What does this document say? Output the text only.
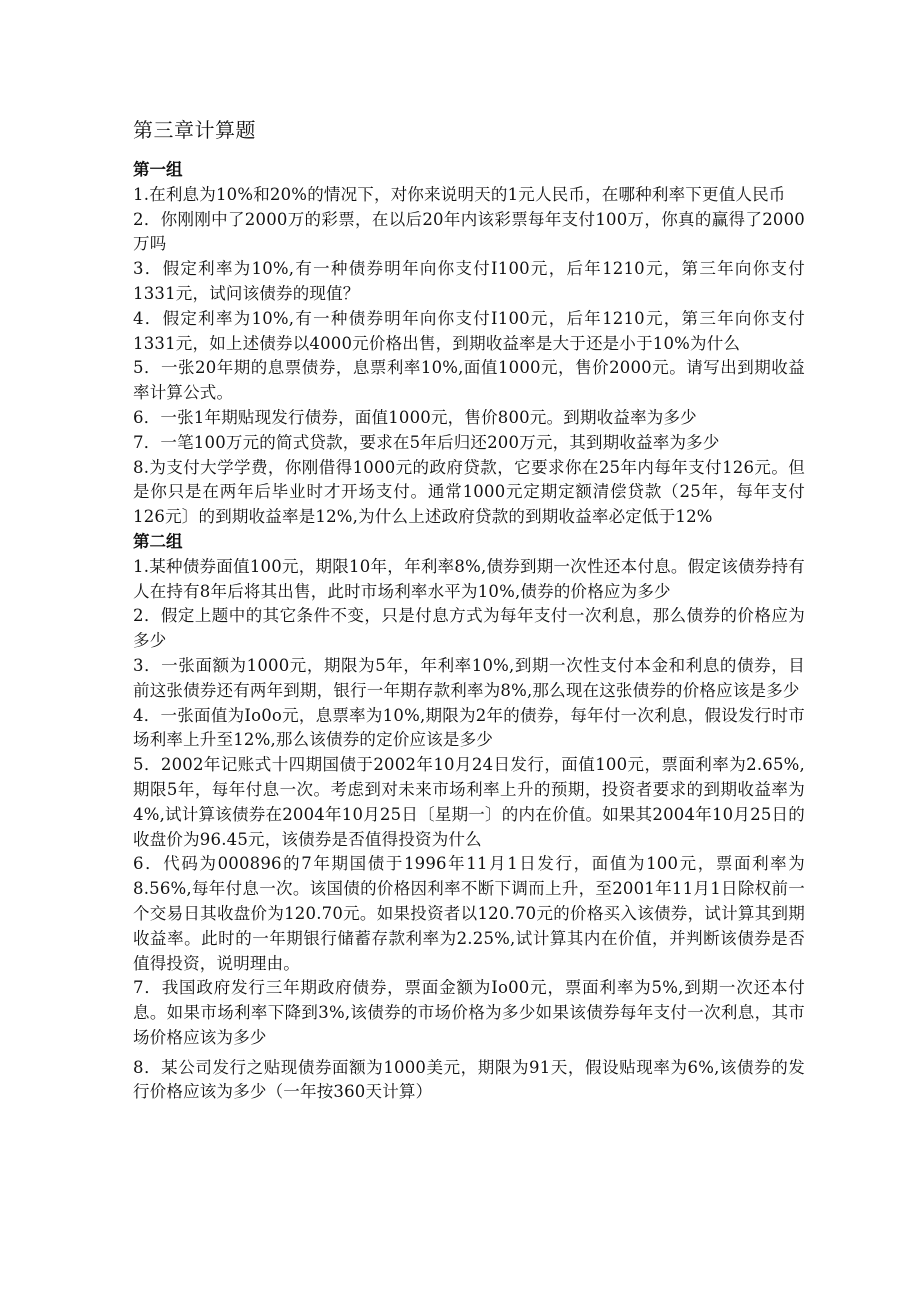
第三章计算题
第一组
1.在利息为10%和20%的情况下，对你来说明天的1元人民币，在哪种利率下更值人民币
2．你刚刚中了2000万的彩票，在以后20年内该彩票每年支付100万，你真的赢得了2000万吗
3．假定利率为10%,有一种债券明年向你支付I100元，后年1210元，第三年向你支付1331元，试问该债券的现值？
4．假定利率为10%,有一种债券明年向你支付I100元，后年1210元，第三年向你支付1331元，如上述债券以4000元价格出售，到期收益率是大于还是小于10%为什么
5．一张20年期的息票债券，息票利率10%,面值1000元，售价2000元。请写出到期收益率计算公式。
6．一张1年期贴现发行债券，面值1000元，售价800元。到期收益率为多少
7．一笔100万元的简式贷款，要求在5年后归还200万元，其到期收益率为多少
8.为支付大学学费，你刚借得1000元的政府贷款，它要求你在25年内每年支付126元。但是你只是在两年后毕业时才开场支付。通常1000元定期定额清偿贷款（25年，每年支付126元〕的到期收益率是12%,为什么上述政府贷款的到期收益率必定低于12%
第二组
1.某种债券面值100元，期限10年，年利率8%,债券到期一次性还本付息。假定该债券持有人在持有8年后将其出售，此时市场利率水平为10%,债券的价格应为多少
2．假定上题中的其它条件不变，只是付息方式为每年支付一次利息，那么债券的价格应为多少
3．一张面额为1000元，期限为5年，年利率10%,到期一次性支付本金和利息的债券，目前这张债券还有两年到期，银行一年期存款利率为8%,那么现在这张债券的价格应该是多少
4．一张面值为Io0o元，息票率为10%,期限为2年的债券，每年付一次利息，假设发行时市场利率上升至12%,那么该债券的定价应该是多少
5．2002年记账式十四期国债于2002年10月24日发行，面值100元，票面利率为2.65%,期限5年，每年付息一次。考虑到对未来市场利率上升的预期，投资者要求的到期收益率为4%,试计算该债券在2004年10月25日〔星期一〕的内在价值。如果其2004年10月25日的收盘价为96.45元，该债券是否值得投资为什么
6．代码为000896的7年期国债于1996年11月1日发行，面值为100元，票面利率为8.56%,每年付息一次。该国债的价格因利率不断下调而上升，至2001年11月1日除权前一个交易日其收盘价为120.70元。如果投资者以120.70元的价格买入该债券，试计算其到期收益率。此时的一年期银行储蓄存款利率为2.25%,试计算其内在价值，并判断该债券是否值得投资，说明理由。
7．我国政府发行三年期政府债券，票面金额为Io00元，票面利率为5%,到期一次还本付息。如果市场利率下降到3%,该债券的市场价格为多少如果该债券每年支付一次利息，其市场价格应该为多少
8．某公司发行之贴现债券面额为1000美元，期限为91天，假设贴现率为6%,该债券的发行价格应该为多少（一年按360天计算）
